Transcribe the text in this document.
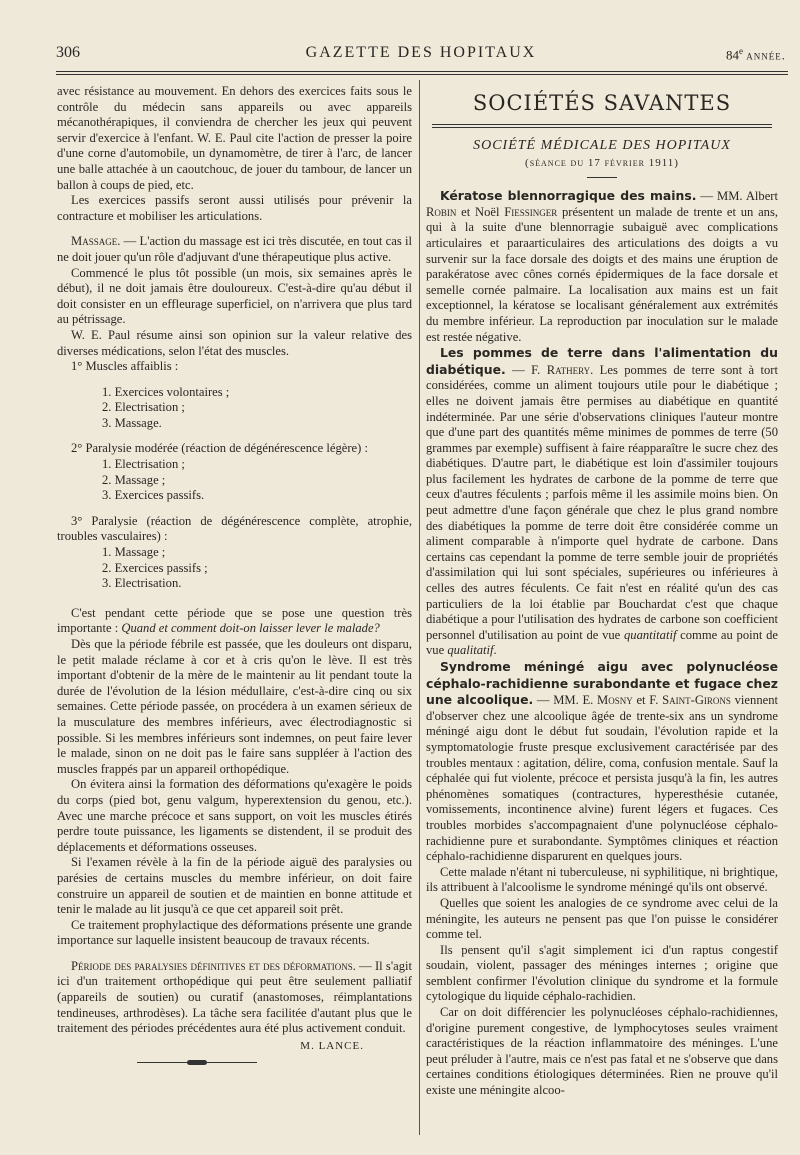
306	GAZETTE DES HOPITAUX	84e année.

avec résistance au mouvement. En dehors des exercices faits sous le contrôle du médecin sans appareils ou avec appareils mécanothérapiques, il conviendra de chercher les jeux qui peuvent servir d'exercice à l'enfant. W. E. Paul cite l'action de presser la poire d'une corne d'automobile, un dynamomètre, de tirer à l'arc, de lancer une balle attachée à un caoutchouc, de jouer du tambour, de lancer un ballon à coups de pied, etc.

Les exercices passifs seront aussi utilisés pour prévenir la contracture et mobiliser les articulations.

Massage. — L'action du massage est ici très discutée, en tout cas il ne doit jouer qu'un rôle d'adjuvant d'une thérapeutique plus active.

Commencé le plus tôt possible (un mois, six semaines après le début), il ne doit jamais être douloureux. C'est-à-dire qu'au début il doit consister en un effleurage superficiel, on n'arrivera que plus tard au pétrissage.

W. E. Paul résume ainsi son opinion sur la valeur relative des diverses médications, selon l'état des muscles.

1° Muscles affaiblis :

1. Exercices volontaires ;
2. Electrisation ;
3. Massage.

2° Paralysie modérée (réaction de dégénérescence légère) :

1. Electrisation ;
2. Massage ;
3. Exercices passifs.

3° Paralysie (réaction de dégénérescence complète, atrophie, troubles vasculaires) :

1. Massage ;
2. Exercices passifs ;
3. Electrisation.

C'est pendant cette période que se pose une question très importante : Quand et comment doit-on laisser lever le malade?

Dès que la période fébrile est passée, que les douleurs ont disparu, le petit malade réclame à cor et à cris qu'on le lève. Il est très important d'obtenir de la mère de le maintenir au lit pendant toute la durée de l'évolution de la lésion médullaire, c'est-à-dire cinq ou six semaines. Cette période passée, on procédera à un examen sérieux de la musculature des membres inférieurs, avec électrodiagnostic si possible. Si les membres inférieurs sont indemnes, on peut faire lever le malade, sinon on ne doit pas le faire sans suppléer à l'action des muscles frappés par un appareil orthopédique.

On évitera ainsi la formation des déformations qu'exagère le poids du corps (pied bot, genu valgum, hyperextension du genou, etc.). Avec une marche précoce et sans support, on voit les muscles étirés perdre toute puissance, les ligaments se distendent, il se produit des déplacements et déformations osseuses.

Si l'examen révèle à la fin de la période aiguë des paralysies ou parésies de certains muscles du membre inférieur, on doit faire construire un appareil de soutien et de maintien en bonne attitude et tenir le malade au lit jusqu'à ce que cet appareil soit prêt.

Ce traitement prophylactique des déformations présente une grande importance sur laquelle insistent beaucoup de travaux récents.

Période des paralysies définitives et des déformations. — Il s'agit ici d'un traitement orthopédique qui peut être seulement palliatif (appareils de soutien) ou curatif (anastomoses, réimplantations tendineuses, arthrodèses). La tâche sera facilitée d'autant plus que le traitement des périodes précédentes aura été plus activement conduit.

M. LANCE.
SOCIÉTÉS SAVANTES
SOCIÉTÉ MÉDICALE DES HOPITAUX
(séance du 17 février 1911)

Kératose blennorragique des mains. — MM. Albert Robin et Noël Fiessinger présentent un malade de trente et un ans, qui à la suite d'une blennorragie subaiguë avec complications articulaires et paraarticulaires des articulations des doigts a vu survenir sur la face dorsale des doigts et des mains une éruption de parakératose avec cônes cornés épidermiques de la face dorsale et semelle cornée palmaire. La localisation aux mains est un fait exceptionnel, la kératose se localisant généralement aux extrémités du membre inférieur. La reproduction par inoculation sur le malade est restée négative.

Les pommes de terre dans l'alimentation du diabétique. — F. Rathery. Les pommes de terre sont à tort considérées, comme un aliment toujours utile pour le diabétique ; elles ne doivent jamais être permises au diabétique en quantité indéterminée. Par une série d'observations cliniques l'auteur montre que d'une part des quantités même minimes de pommes de terre (50 grammes par exemple) suffisent à faire réapparaître le sucre chez des diabétiques. D'autre part, le diabétique est loin d'assimiler toujours plus facilement les hydrates de carbone de la pomme de terre que ceux d'autres féculents ; parfois même il les assimile moins bien. On peut admettre d'une façon générale que chez le plus grand nombre des diabétiques la pomme de terre doit être considérée comme un aliment comparable à n'importe quel hydrate de carbone. Dans certains cas cependant la pomme de terre semble jouir de propriétés d'assimilation qui lui sont spéciales, supérieures ou inférieures à celles des autres féculents. Ce fait n'est en réalité qu'un des cas particuliers de la loi établie par Bouchardat c'est que chaque diabétique a pour l'utilisation des hydrates de carbone son coefficient personnel d'utilisation au point de vue quantitatif comme au point de vue qualitatif.

Syndrome méningé aigu avec polynucléose céphalo-rachidienne surabondante et fugace chez une alcoolique. — MM. E. Mosny et F. Saint-Girons viennent d'observer chez une alcoolique âgée de trente-six ans un syndrome méningé aigu dont le début fut soudain, l'évolution rapide et la symptomatologie fruste presque exclusivement caractérisée par des troubles mentaux : agitation, délire, coma, confusion mentale. Sauf la céphalée qui fut violente, précoce et persista jusqu'à la fin, les autres phénomènes somatiques (contractures, hyperesthésie cutanée, vomissements, incontinence alvine) furent légers et fugaces. Ces troubles morbides s'accompagnaient d'une polynucléose céphalo-rachidienne pure et surabondante. Symptômes cliniques et réaction céphalo-rachidienne disparurent en quelques jours.

Cette malade n'étant ni tuberculeuse, ni syphilitique, ni brightique, ils attribuent à l'alcoolisme le syndrome méningé qu'ils ont observé.

Quelles que soient les analogies de ce syndrome avec celui de la méningite, les auteurs ne pensent pas que l'on puisse le considérer comme tel.

Ils pensent qu'il s'agit simplement ici d'un raptus congestif soudain, violent, passager des méninges internes ; origine que semblent confirmer l'évolution clinique du syndrome et la formule cytologique du liquide céphalo-rachidien.

Car on doit différencier les polynucléoses céphalo-rachidiennes, d'origine purement congestive, de lymphocytoses seules vraiment caractéristiques de la réaction inflammatoire des méninges. L'une peut préluder à l'autre, mais ce n'est pas fatal et ne s'observe que dans certaines conditions étiologiques déterminées. Rien ne prouve qu'il existe une méningite alcoo-
